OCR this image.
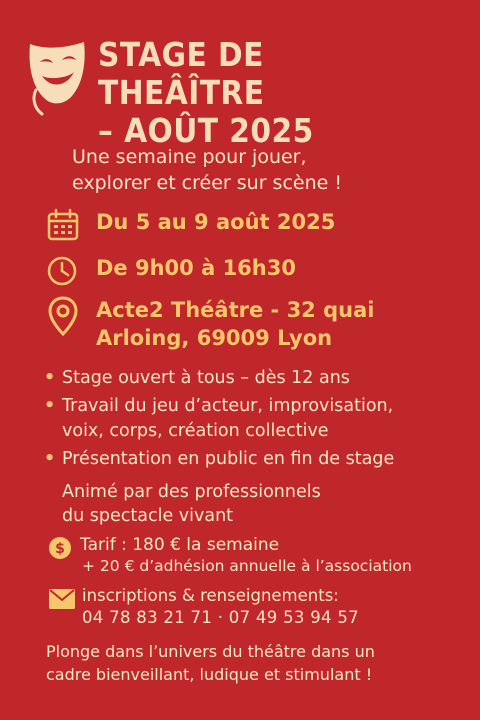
STAGE DE THEÂÎTRE
– AOÛT 2025
Une semaine pour jouer,
explorer et créer sur scène !
Du 5 au 9 août 2025
De 9h00 à 16h30
Acte2 Théâtre - 32 quai
Arloing, 69009 Lyon
• Stage ouvert à tous – dès 12 ans
• Travail du jeu d’acteur, improvisation,
voix, corps, création collective
• Présentation en public en fin de stage
Animé par des professionnels
du spectacle vivant
$ Tarif : 180 € la semaine
+ 20 € d’adhésion annuelle à l’association
inscriptions & renseignements:
04 78 83 21 71 · 07 49 53 94 57
Plonge dans l’univers du théâtre dans un
cadre bienveillant, ludique et stimulant !
